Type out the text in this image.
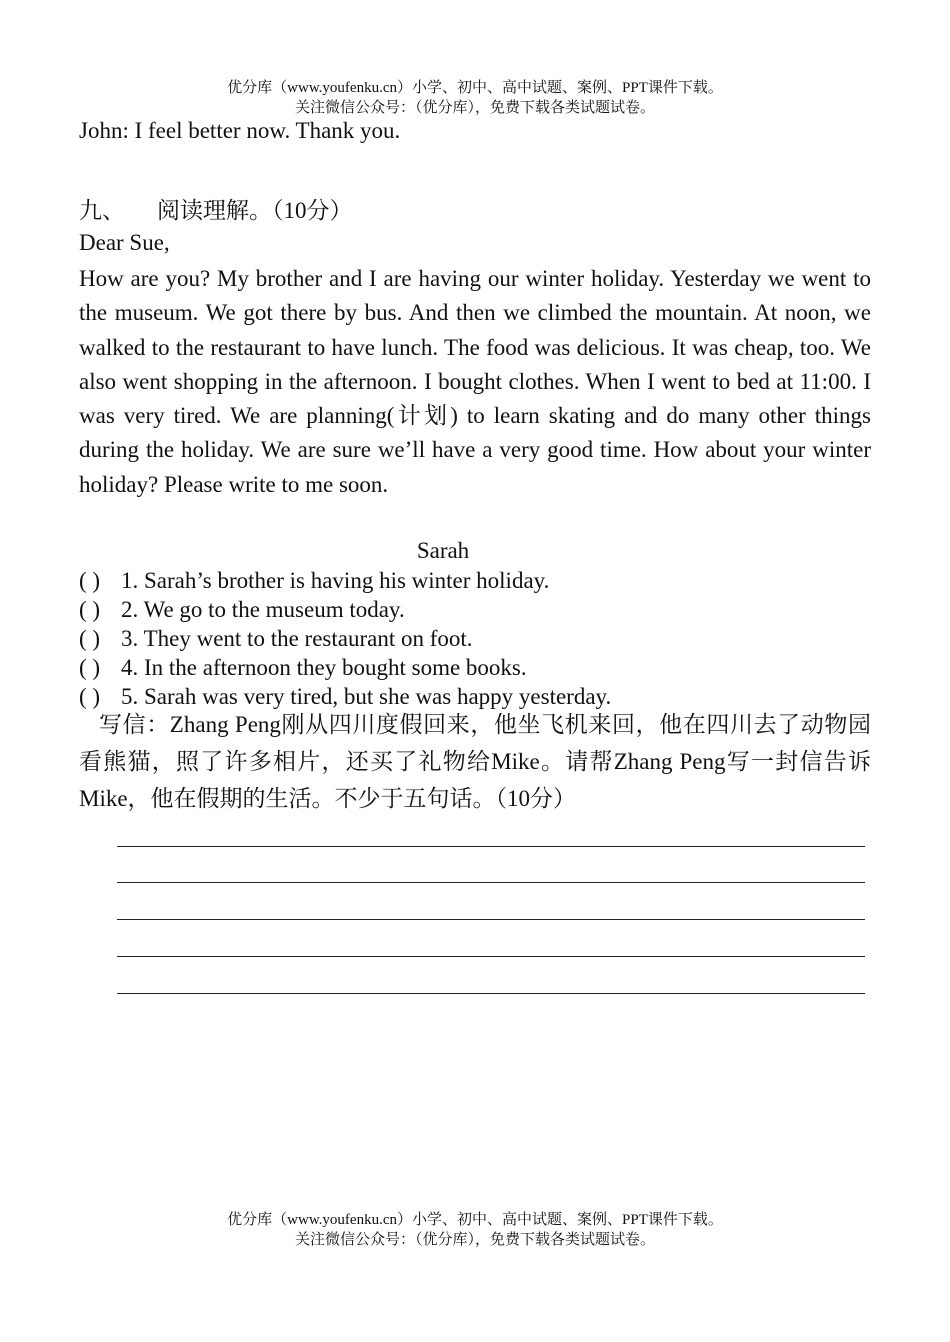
优分库（www.youfenku.cn）小学、初中、高中试题、案例、PPT课件下载。
关注微信公众号：（优分库），免费下载各类试题试卷。
John: I feel better now. Thank you.
九、 阅读理解。（10分）
Dear Sue,
How are you? My brother and I are having our winter holiday. Yesterday we went to the museum. We got there by bus. And then we climbed the mountain. At noon, we walked to the restaurant to have lunch. The food was delicious. It was cheap, too. We also went shopping in the afternoon. I bought clothes. When I went to bed at 11:00. I was very tired. We are planning(计划) to learn skating and do many other things during the holiday. We are sure we’ll have a very good time. How about your winter holiday? Please write to me soon.
Sarah
( ) 1. Sarah’s brother is having his winter holiday.
( ) 2. We go to the museum today.
( ) 3. They went to the restaurant on foot.
( ) 4. In the afternoon they bought some books.
( ) 5. Sarah was very tired, but she was happy yesterday.
写信：Zhang Peng刚从四川度假回来，他坐飞机来回，他在四川去了动物园看熊猫，照了许多相片，还买了礼物给Mike。请帮Zhang Peng写一封信告诉Mike，他在假期的生活。不少于五句话。（10分）
优分库（www.youfenku.cn）小学、初中、高中试题、案例、PPT课件下载。
关注微信公众号：（优分库），免费下载各类试题试卷。
